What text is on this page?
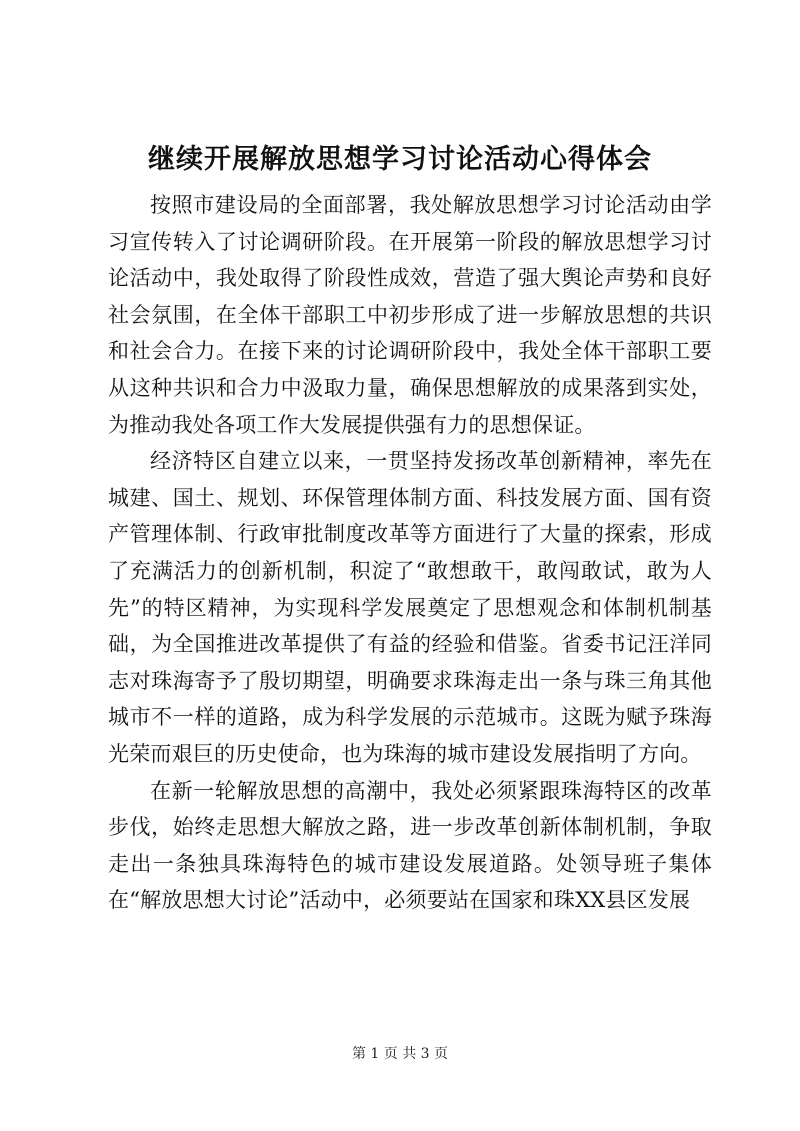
继续开展解放思想学习讨论活动心得体会

按照市建设局的全面部署，我处解放思想学习讨论活动由学习宣传转入了讨论调研阶段。在开展第一阶段的解放思想学习讨论活动中，我处取得了阶段性成效，营造了强大舆论声势和良好社会氛围，在全体干部职工中初步形成了进一步解放思想的共识和社会合力。在接下来的讨论调研阶段中，我处全体干部职工要从这种共识和合力中汲取力量，确保思想解放的成果落到实处，为推动我处各项工作大发展提供强有力的思想保证。

经济特区自建立以来，一贯坚持发扬改革创新精神，率先在城建、国土、规划、环保管理体制方面、科技发展方面、国有资产管理体制、行政审批制度改革等方面进行了大量的探索，形成了充满活力的创新机制，积淀了“敢想敢干，敢闯敢试，敢为人先”的特区精神，为实现科学发展奠定了思想观念和体制机制基础，为全国推进改革提供了有益的经验和借鉴。省委书记汪洋同志对珠海寄予了殷切期望，明确要求珠海走出一条与珠三角其他城市不一样的道路，成为科学发展的示范城市。这既为赋予珠海光荣而艰巨的历史使命，也为珠海的城市建设发展指明了方向。

在新一轮解放思想的高潮中，我处必须紧跟珠海特区的改革步伐，始终走思想大解放之路，进一步改革创新体制机制，争取走出一条独具珠海特色的城市建设发展道路。处领导班子集体在“解放思想大讨论”活动中，必须要站在国家和珠XX县区发展

第 1 页 共 3 页
